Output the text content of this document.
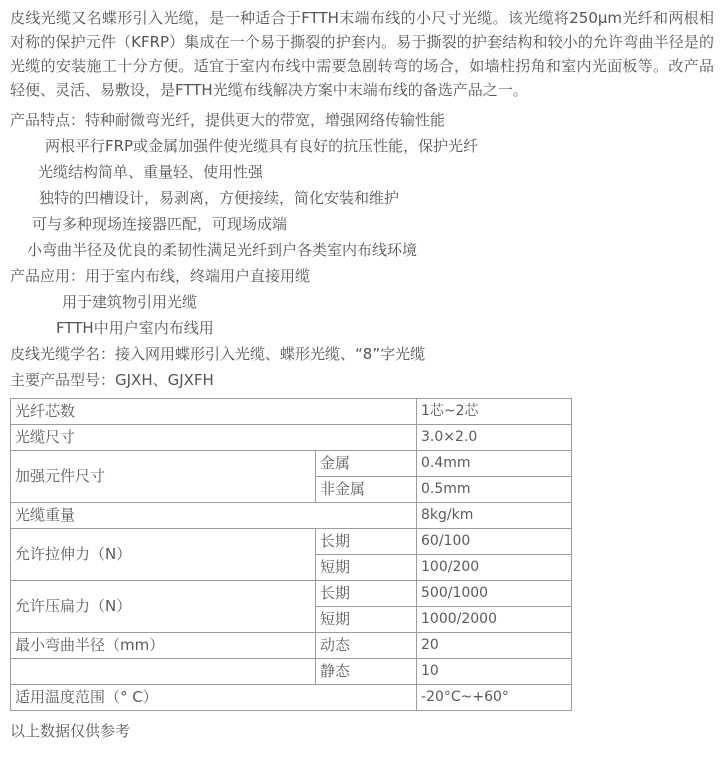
皮线光缆又名蝶形引入光缆，是一种适合于FTTH末端布线的小尺寸光缆。该光缆将250μm光纤和两根相对称的保护元件（KFRP）集成在一个易于撕裂的护套内。易于撕裂的护套结构和较小的允许弯曲半径是的光缆的安装施工十分方便。适宜于室内布线中需要急剧转弯的场合，如墙柱拐角和室内光面板等。改产品轻便、灵活、易敷设，是FTTH光缆布线解决方案中末端布线的备选产品之一。

产品特点：特种耐微弯光纤，提供更大的带宽，增强网络传输性能
两根平行FRP或金属加强件使光缆具有良好的抗压性能，保护光纤
光缆结构简单、重量轻、使用性强
独特的凹槽设计，易剥离，方便接续，简化安装和维护
可与多种现场连接器匹配，可现场成端
小弯曲半径及优良的柔韧性满足光纤到户各类室内布线环境
产品应用：用于室内布线，终端用户直接用缆
用于建筑物引用光缆
FTTH中用户室内布线用
皮线光缆学名：接入网用蝶形引入光缆、蝶形光缆、“8”字光缆
主要产品型号：GJXH、GJXFH
光纤芯数		1芯~2芯
光缆尺寸		3.0×2.0
加强元件尺寸	金属	0.4mm
	非金属	0.5mm
光缆重量		8kg/km
允许拉伸力（N）	长期	60/100
	短期	100/200
允许压扁力（N）	长期	500/1000
	短期	1000/2000
最小弯曲半径（mm）	动态	20
	静态	10
适用温度范围（° C）		-20°C~+60°
以上数据仅供参考
